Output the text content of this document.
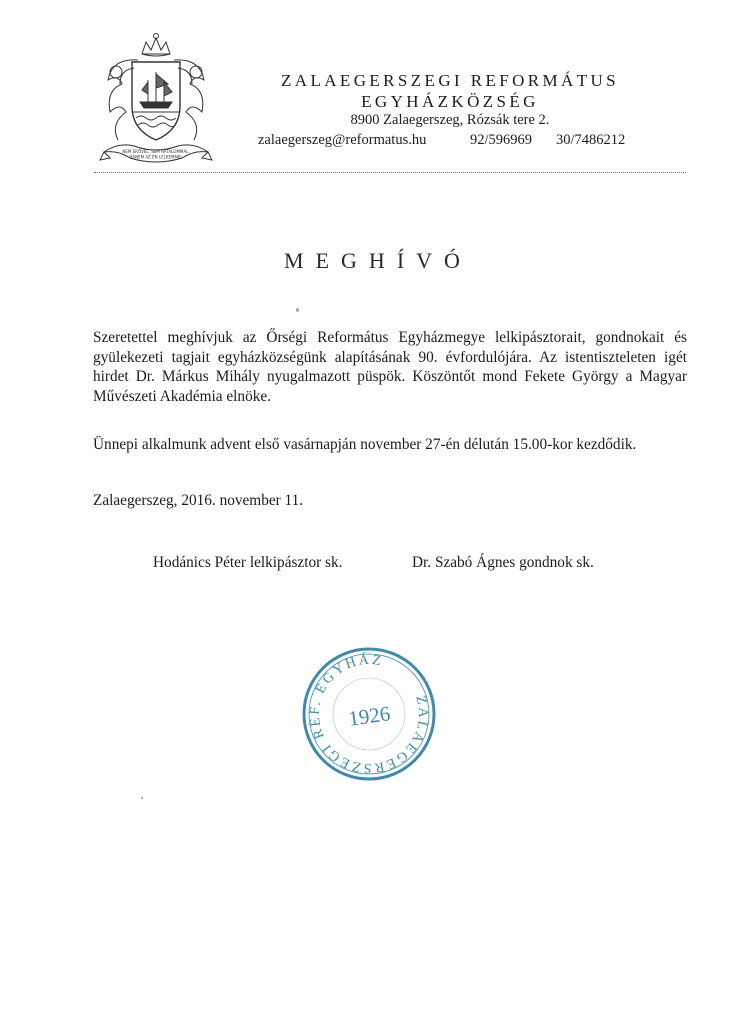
NEM ERŐVEL, SEM HATALOMMAL,
HANEM AZ ÉN LELKEMMEL
ZALAEGERSZEGI REFORMÁTUS
EGYHÁZKÖZSÉG
8900 Zalaegerszeg, Rózsák tere 2.
zalaegerszeg@reformatus.hu	92/596969 30/7486212
MEGHÍVÓ
Szeretettel meghívjuk az Őrségi Református Egyházmegye lelkipásztorait, gondnokait és gyülekezeti tagjait egyházközségünk alapításának 90. évfordulójára. Az istentiszteleten igét hirdet Dr. Márkus Mihály nyugalmazott püspök. Köszöntőt mond Fekete György a Magyar Művészeti Akadémia elnöke.
Ünnepi alkalmunk advent első vasárnapján november 27-én délután 15.00-kor kezdődik.
Zalaegerszeg, 2016. november 11.
Hodánics Péter lelkipásztor sk.	Dr. Szabó Ágnes gondnok sk.
ZALAEGERSZEGI REF. EGYHÁZ
1926
